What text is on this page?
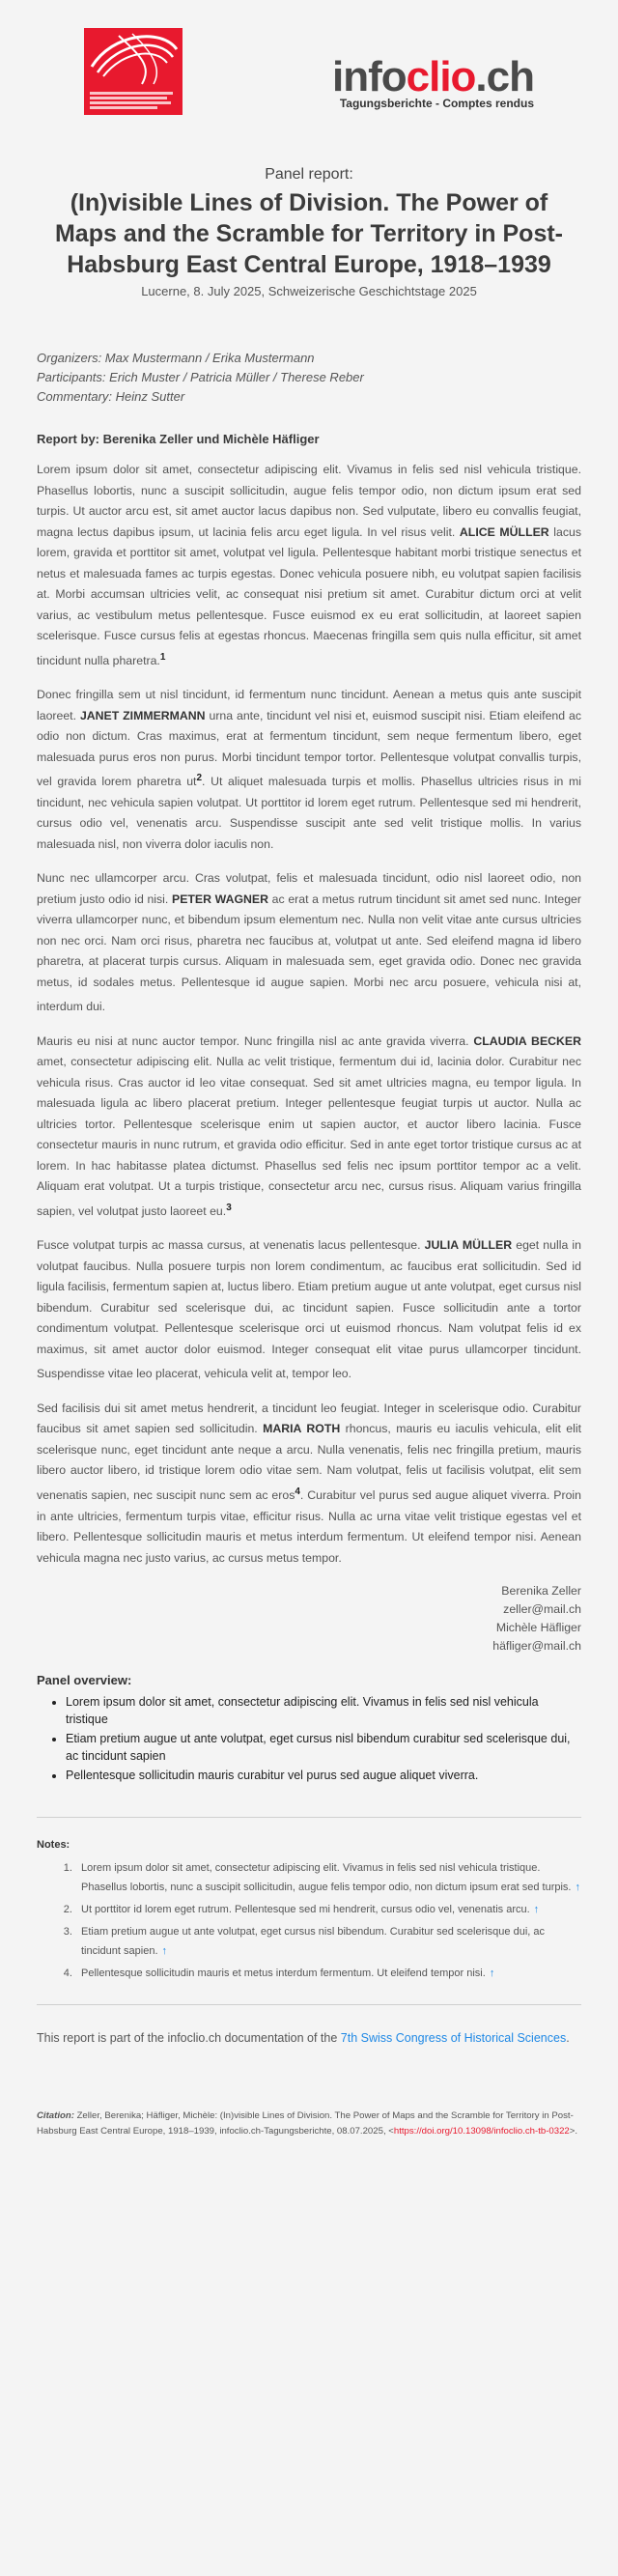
infoclio.ch
Tagungsberichte - Comptes rendus
Panel report:
(In)visible Lines of Division. The Power of Maps and the Scramble for Territory in Post-Habsburg East Central Europe, 1918–1939
Lucerne, 8. July 2025, Schweizerische Geschichtstage 2025
Organizers: Max Mustermann / Erika Mustermann
Participants: Erich Muster / Patricia Müller / Therese Reber
Commentary: Heinz Sutter
Report by: Berenika Zeller und Michèle Häfliger

Lorem ipsum dolor sit amet, consectetur adipiscing elit. Vivamus in felis sed nisl vehicula tristique. Phasellus lobortis, nunc a suscipit sollicitudin, augue felis tempor odio, non dictum ipsum erat sed turpis. Ut auctor arcu est, sit amet auctor lacus dapibus non. Sed vulputate, libero eu convallis feugiat, magna lectus dapibus ipsum, ut lacinia felis arcu eget ligula. In vel risus velit. ALICE MÜLLER lacus lorem, gravida et porttitor sit amet, volutpat vel ligula. Pellentesque habitant morbi tristique senectus et netus et malesuada fames ac turpis egestas. Donec vehicula posuere nibh, eu volutpat sapien facilisis at. Morbi accumsan ultricies velit, ac consequat nisi pretium sit amet. Curabitur dictum orci at velit varius, ac vestibulum metus pellentesque. Fusce euismod ex eu erat sollicitudin, at laoreet sapien scelerisque. Fusce cursus felis at egestas rhoncus. Maecenas fringilla sem quis nulla efficitur, sit amet tincidunt nulla pharetra.$^1$

Donec fringilla sem ut nisl tincidunt, id fermentum nunc tincidunt. Aenean a metus quis ante suscipit laoreet. JANET ZIMMERMANN urna ante, tincidunt vel nisi et, euismod suscipit nisi. Etiam eleifend ac odio non dictum. Cras maximus, erat at fermentum tincidunt, sem neque fermentum libero, eget malesuada purus eros non purus. Morbi tincidunt tempor tortor. Pellentesque volutpat convallis turpis, vel gravida lorem pharetra $ut^2$. Ut aliquet malesuada turpis et mollis. Phasellus ultricies risus in mi tincidunt, nec vehicula sapien volutpat. Ut porttitor id lorem eget rutrum. Pellentesque sed mi hendrerit, cursus odio vel, venenatis arcu. Suspendisse suscipit ante sed velit tristique mollis. In varius malesuada nisl, non viverra dolor iaculis non.

Nunc nec ullamcorper arcu. Cras volutpat, felis et malesuada tincidunt, odio nisl laoreet odio, non pretium justo odio id nisi. PETER WAGNER ac erat a metus rutrum tincidunt sit amet sed nunc. Integer viverra ullamcorper nunc, et bibendum ipsum elementum nec. Nulla non velit vitae ante cursus ultricies non nec orci. Nam orci risus, pharetra nec faucibus at, volutpat ut ante. Sed eleifend magna id libero pharetra, at placerat turpis cursus. Aliquam in malesuada sem, eget gravida odio. Donec nec gravida metus, id sodales metus. Pellentesque id augue sapien. Morbi nec arcu posuere, vehicula nisi at, interdum dui.

Mauris eu nisi at nunc auctor tempor. Nunc fringilla nisl ac ante gravida viverra. CLAUDIA BECKER amet, consectetur adipiscing elit. Nulla ac velit tristique, fermentum dui id, lacinia dolor. Curabitur nec vehicula risus. Cras auctor id leo vitae consequat. Sed sit amet ultricies magna, eu tempor ligula. In malesuada ligula ac libero placerat pretium. Integer pellentesque feugiat turpis ut auctor. Nulla ac ultricies tortor. Pellentesque scelerisque enim ut sapien auctor, et auctor libero lacinia. Fusce consectetur mauris in nunc rutrum, et gravida odio efficitur. Sed in ante eget tortor tristique cursus ac at lorem. In hac habitasse platea dictumst. Phasellus sed felis nec ipsum porttitor tempor ac a velit. Aliquam erat volutpat. Ut a turpis tristique, consectetur arcu nec, cursus risus. Aliquam varius fringilla sapien, vel volutpat justo laoreet eu.$^3$

Fusce volutpat turpis ac massa cursus, at venenatis lacus pellentesque. JULIA MÜLLER eget nulla in volutpat faucibus. Nulla posuere turpis non lorem condimentum, ac faucibus erat sollicitudin. Sed id ligula facilisis, fermentum sapien at, luctus libero. Etiam pretium augue ut ante volutpat, eget cursus nisl bibendum. Curabitur sed scelerisque dui, ac tincidunt sapien. Fusce sollicitudin ante a tortor condimentum volutpat. Pellentesque scelerisque orci ut euismod rhoncus. Nam volutpat felis id ex maximus, sit amet auctor dolor euismod. Integer consequat elit vitae purus ullamcorper tincidunt. Suspendisse vitae leo placerat, vehicula velit at, tempor leo.

Sed facilisis dui sit amet metus hendrerit, a tincidunt leo feugiat. Integer in scelerisque odio. Curabitur faucibus sit amet sapien sed sollicitudin. MARIA ROTH rhoncus, mauris eu iaculis vehicula, elit elit scelerisque nunc, eget tincidunt ante neque a arcu. Nulla venenatis, felis nec fringilla pretium, mauris libero auctor libero, id tristique lorem odio vitae sem. Nam volutpat, felis ut facilisis volutpat, elit sem venenatis sapien, nec suscipit nunc sem ac eros$^4$. Curabitur vel purus sed augue aliquet viverra. Proin in ante ultricies, fermentum turpis vitae, efficitur risus. Nulla ac urna vitae velit tristique egestas vel et libero. Pellentesque sollicitudin mauris et metus interdum fermentum. Ut eleifend tempor nisi. Aenean vehicula magna nec justo varius, ac cursus metus tempor.

Berenika Zeller
zeller@mail.ch
Michèle Häfliger
häfliger@mail.ch
Panel overview:
• Lorem ipsum dolor sit amet, consectetur adipiscing elit. Vivamus in felis sed nisl vehicula tristique
• Etiam pretium augue ut ante volutpat, eget cursus nisl bibendum curabitur sed scelerisque dui, ac tincidunt sapien
• Pellentesque sollicitudin mauris curabitur vel purus sed augue aliquet viverra.
Notes:
1. Lorem ipsum dolor sit amet, consectetur adipiscing elit. Vivamus in felis sed nisl vehicula tristique. Phasellus lobortis, nunc a suscipit sollicitudin, augue felis tempor odio, non dictum ipsum erat sed turpis. ↑
2. Ut porttitor id lorem eget rutrum. Pellentesque sed mi hendrerit, cursus odio vel, venenatis arcu. ↑
3. Etiam pretium augue ut ante volutpat, eget cursus nisl bibendum. Curabitur sed scelerisque dui, ac tincidunt sapien. ↑
4. Pellentesque sollicitudin mauris et metus interdum fermentum. Ut eleifend tempor nisi. ↑

This report is part of the infoclio.ch documentation of the 7th Swiss Congress of Historical Sciences.

Citation: Zeller, Berenika; Häfliger, Michèle: (In)visible Lines of Division. The Power of Maps and the Scramble for Territory in Post-Habsburg East Central Europe, 1918–1939, infoclio.ch-Tagungsberichte, 08.07.2025, <https://doi.org/10.13098/infoclio.ch-tb-0322>.
